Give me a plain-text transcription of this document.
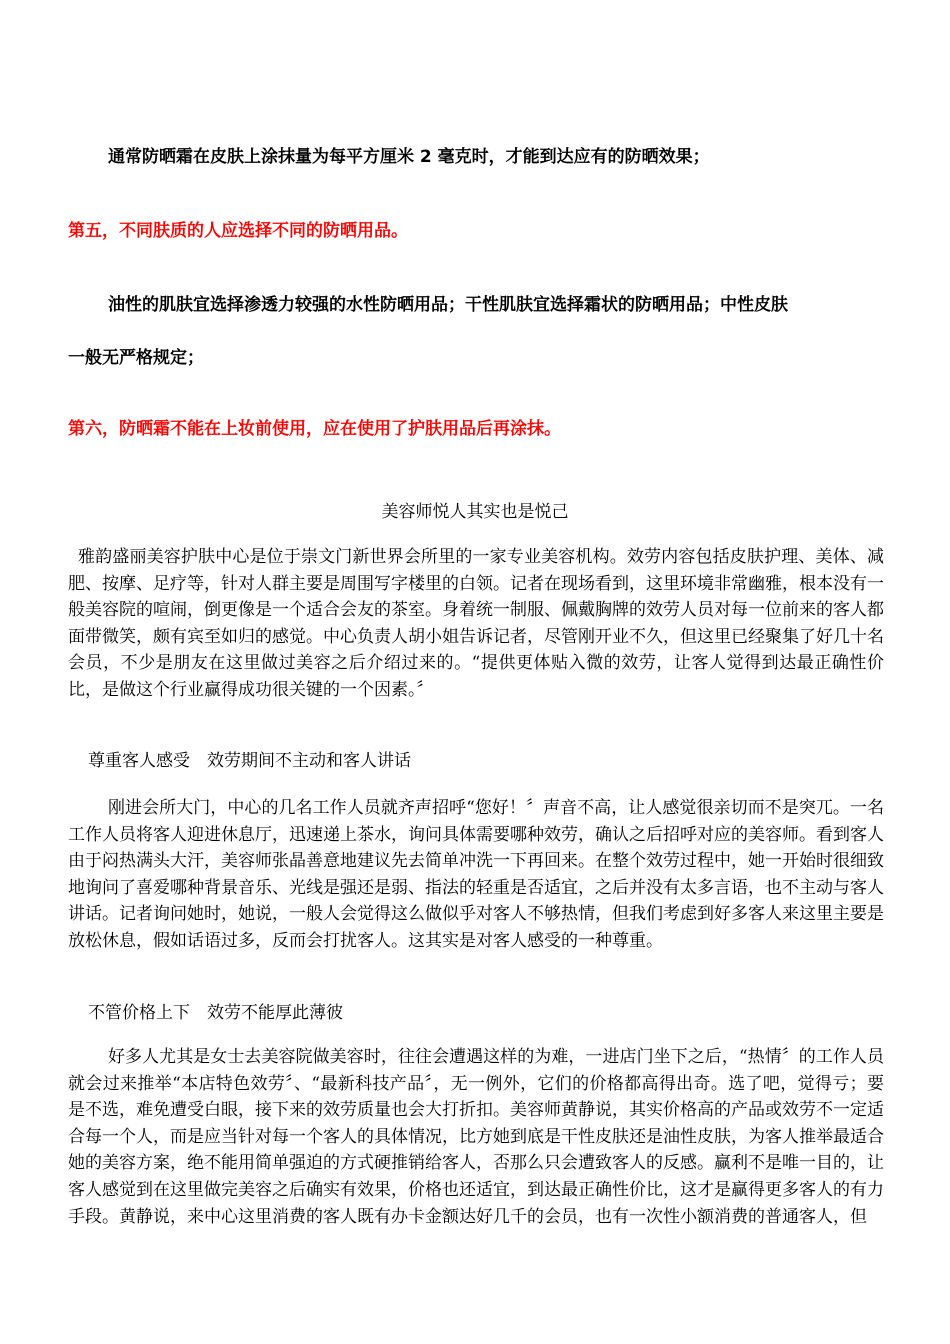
通常防晒霜在皮肤上涂抹量为每平方厘米 2 毫克时，才能到达应有的防晒效果；

第五，不同肤质的人应选择不同的防晒用品。

油性的肌肤宜选择渗透力较强的水性防晒用品；干性肌肤宜选择霜状的防晒用品；中性皮肤

一般无严格规定；

第六，防晒霜不能在上妆前使用，应在使用了护肤用品后再涂抹。

美容师悦人其实也是悦己

雅韵盛丽美容护肤中心是位于崇文门新世界会所里的一家专业美容机构。效劳内容包括皮肤护理、美体、减肥、按摩、足疗等，针对人群主要是周围写字楼里的白领。记者在现场看到，这里环境非常幽雅，根本没有一般美容院的喧闹，倒更像是一个适合会友的茶室。身着统一制服、佩戴胸牌的效劳人员对每一位前来的客人都面带微笑，颇有宾至如归的感觉。中心负责人胡小姐告诉记者，尽管刚开业不久，但这里已经聚集了好几十名会员，不少是朋友在这里做过美容之后介绍过来的。“提供更体贴入微的效劳，让客人觉得到达最正确性价比，是做这个行业赢得成功很关键的一个因素。〞

尊重客人感受　效劳期间不主动和客人讲话

刚进会所大门，中心的几名工作人员就齐声招呼“您好！〞声音不高，让人感觉很亲切而不是突兀。一名工作人员将客人迎进休息厅，迅速递上茶水，询问具体需要哪种效劳，确认之后招呼对应的美容师。看到客人由于闷热满头大汗，美容师张晶善意地建议先去简单冲洗一下再回来。在整个效劳过程中，她一开始时很细致地询问了喜爱哪种背景音乐、光线是强还是弱、指法的轻重是否适宜，之后并没有太多言语，也不主动与客人讲话。记者询问她时，她说，一般人会觉得这么做似乎对客人不够热情，但我们考虑到好多客人来这里主要是放松休息，假如话语过多，反而会打扰客人。这其实是对客人感受的一种尊重。

不管价格上下　效劳不能厚此薄彼

好多人尤其是女士去美容院做美容时，往往会遭遇这样的为难，一进店门坐下之后，“热情〞的工作人员就会过来推举“本店特色效劳〞、“最新科技产品〞，无一例外，它们的价格都高得出奇。选了吧，觉得亏；要是不选，难免遭受白眼，接下来的效劳质量也会大打折扣。美容师黄静说，其实价格高的产品或效劳不一定适合每一个人，而是应当针对每一个客人的具体情况，比方她到底是干性皮肤还是油性皮肤，为客人推举最适合她的美容方案，绝不能用简单强迫的方式硬推销给客人，否那么只会遭致客人的反感。赢利不是唯一目的，让客人感觉到在这里做完美容之后确实有效果，价格也还适宜，到达最正确性价比，这才是赢得更多客人的有力手段。黄静说，来中心这里消费的客人既有办卡金额达好几千的会员，也有一次性小额消费的普通客人，但
